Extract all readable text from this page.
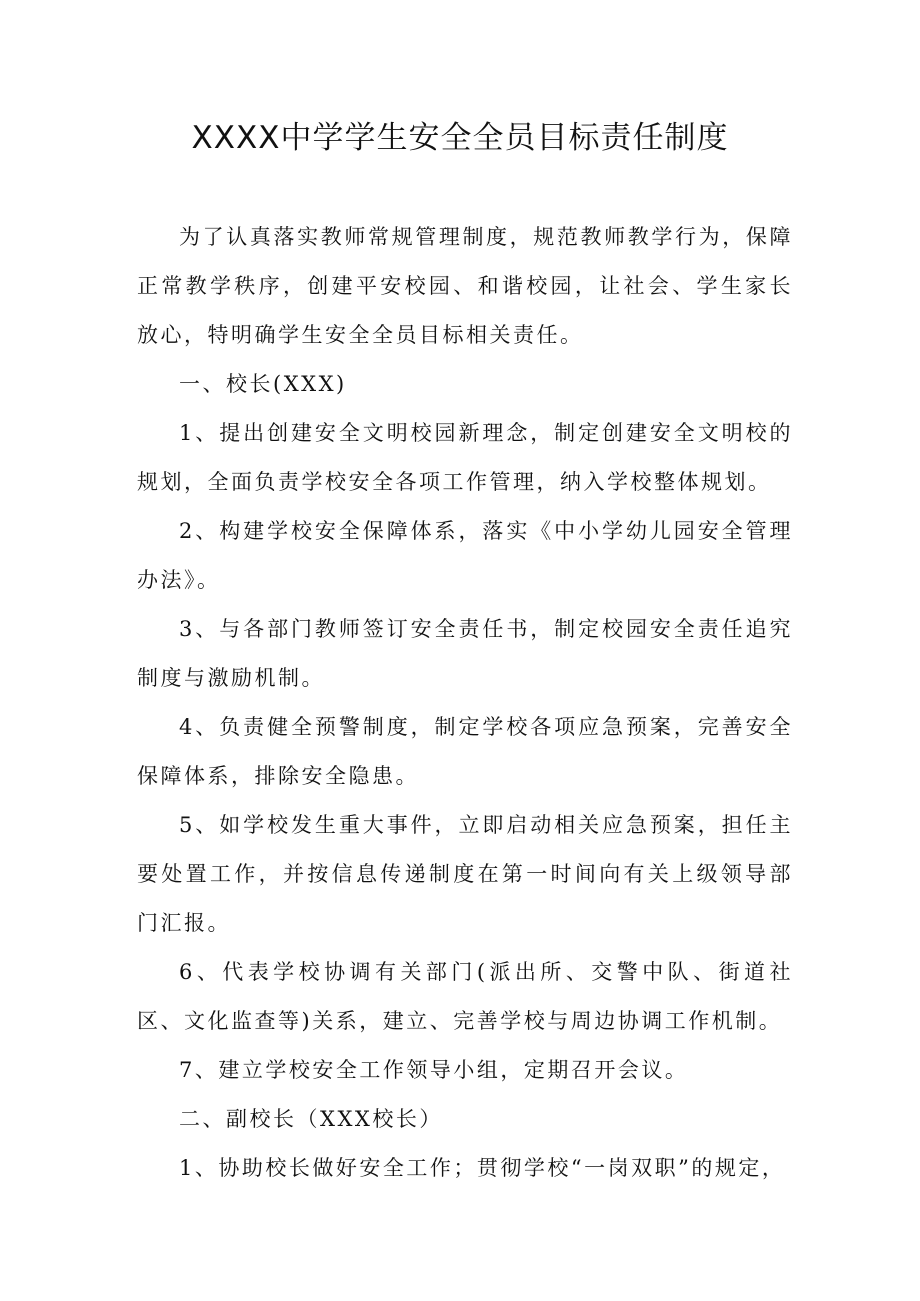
XXXX中学学生安全全员目标责任制度

为了认真落实教师常规管理制度，规范教师教学行为，保障正常教学秩序，创建平安校园、和谐校园，让社会、学生家长放心，特明确学生安全全员目标相关责任。

一、校长(XXX)

1、提出创建安全文明校园新理念，制定创建安全文明校的规划，全面负责学校安全各项工作管理，纳入学校整体规划。

2、构建学校安全保障体系，落实《中小学幼儿园安全管理办法》。

3、与各部门教师签订安全责任书，制定校园安全责任追究制度与激励机制。

4、负责健全预警制度，制定学校各项应急预案，完善安全保障体系，排除安全隐患。

5、如学校发生重大事件，立即启动相关应急预案，担任主要处置工作，并按信息传递制度在第一时间向有关上级领导部门汇报。

6、代表学校协调有关部门(派出所、交警中队、街道社区、文化监查等)关系，建立、完善学校与周边协调工作机制。

7、建立学校安全工作领导小组，定期召开会议。

二、副校长（XXX校长）

1、协助校长做好安全工作；贯彻学校“一岗双职”的规定，
